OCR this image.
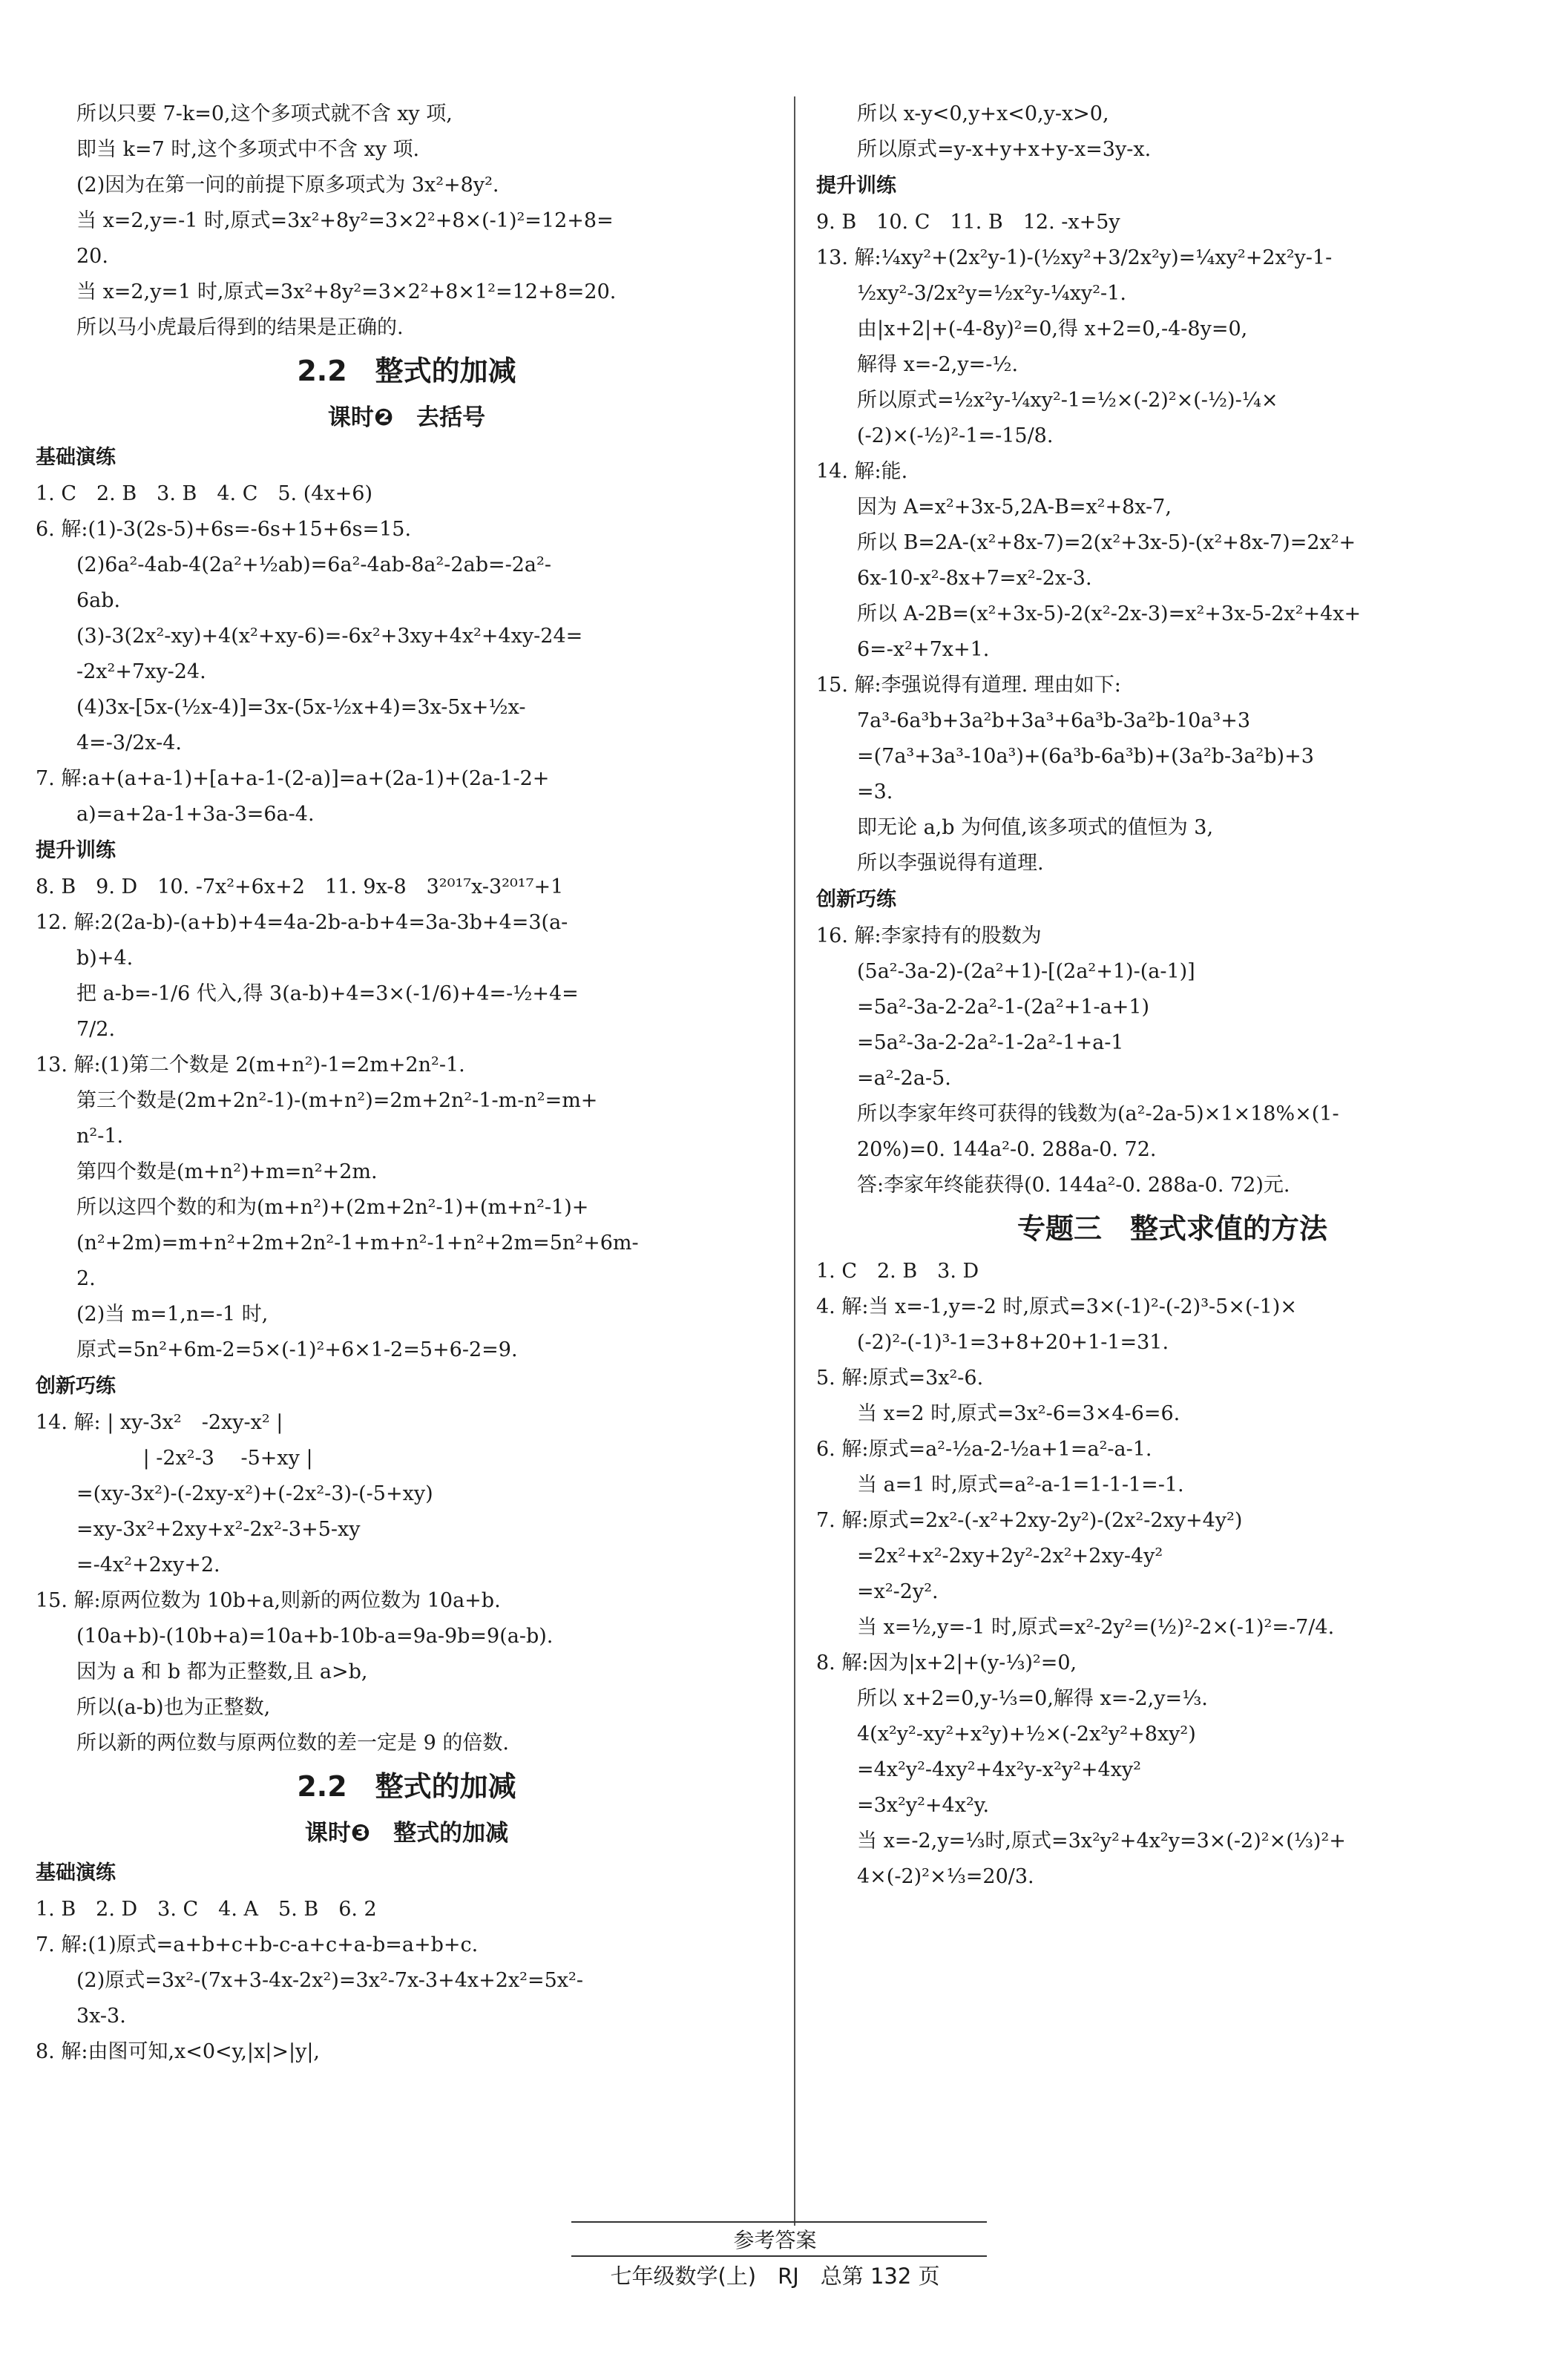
所以只要 7-k=0,这个多项式就不含 xy 项,
即当 k=7 时,这个多项式中不含 xy 项.
(2)因为在第一问的前提下原多项式为 3x²+8y².
当 x=2,y=-1 时,原式=3x²+8y²=3×2²+8×(-1)²=12+8=
20.
当 x=2,y=1 时,原式=3x²+8y²=3×2²+8×1²=12+8=20.
所以马小虎最后得到的结果是正确的.
2.2　整式的加减
课时❷　去括号
基础演练
1. C　2. B　3. B　4. C　5. (4x+6)
6. 解:(1)-3(2s-5)+6s=-6s+15+6s=15.
(2)6a²-4ab-4(2a²+½ab)=6a²-4ab-8a²-2ab=-2a²-
6ab.
(3)-3(2x²-xy)+4(x²+xy-6)=-6x²+3xy+4x²+4xy-24=
-2x²+7xy-24.
(4)3x-[5x-(½x-4)]=3x-(5x-½x+4)=3x-5x+½x-
4=-3/2x-4.
7. 解:a+(a+a-1)+[a+a-1-(2-a)]=a+(2a-1)+(2a-1-2+
a)=a+2a-1+3a-3=6a-4.
提升训练
8. B　9. D　10. -7x²+6x+2　11. 9x-8　3²⁰¹⁷x-3²⁰¹⁷+1
12. 解:2(2a-b)-(a+b)+4=4a-2b-a-b+4=3a-3b+4=3(a-
b)+4.
把 a-b=-1/6 代入,得 3(a-b)+4=3×(-1/6)+4=-½+4=
7/2.
13. 解:(1)第二个数是 2(m+n²)-1=2m+2n²-1.
第三个数是(2m+2n²-1)-(m+n²)=2m+2n²-1-m-n²=m+
n²-1.
第四个数是(m+n²)+m=n²+2m.
所以这四个数的和为(m+n²)+(2m+2n²-1)+(m+n²-1)+
(n²+2m)=m+n²+2m+2n²-1+m+n²-1+n²+2m=5n²+6m-
2.
(2)当 m=1,n=-1 时,
原式=5n²+6m-2=5×(-1)²+6×1-2=5+6-2=9.
创新巧练
14. 解: | xy-3x²　-2xy-x² |
　　　 | -2x²-3　 -5+xy |
=(xy-3x²)-(-2xy-x²)+(-2x²-3)-(-5+xy)
=xy-3x²+2xy+x²-2x²-3+5-xy
=-4x²+2xy+2.
15. 解:原两位数为 10b+a,则新的两位数为 10a+b.
(10a+b)-(10b+a)=10a+b-10b-a=9a-9b=9(a-b).
因为 a 和 b 都为正整数,且 a>b,
所以(a-b)也为正整数,
所以新的两位数与原两位数的差一定是 9 的倍数.
2.2　整式的加减
课时❸　整式的加减
基础演练
1. B　2. D　3. C　4. A　5. B　6. 2
7. 解:(1)原式=a+b+c+b-c-a+c+a-b=a+b+c.
(2)原式=3x²-(7x+3-4x-2x²)=3x²-7x-3+4x+2x²=5x²-
3x-3.
8. 解:由图可知,x<0<y,|x|>|y|,
所以 x-y<0,y+x<0,y-x>0,
所以原式=y-x+y+x+y-x=3y-x.
提升训练
9. B　10. C　11. B　12. -x+5y
13. 解:¼xy²+(2x²y-1)-(½xy²+3/2x²y)=¼xy²+2x²y-1-
½xy²-3/2x²y=½x²y-¼xy²-1.
由|x+2|+(-4-8y)²=0,得 x+2=0,-4-8y=0,
解得 x=-2,y=-½.
所以原式=½x²y-¼xy²-1=½×(-2)²×(-½)-¼×
(-2)×(-½)²-1=-15/8.
14. 解:能.
因为 A=x²+3x-5,2A-B=x²+8x-7,
所以 B=2A-(x²+8x-7)=2(x²+3x-5)-(x²+8x-7)=2x²+
6x-10-x²-8x+7=x²-2x-3.
所以 A-2B=(x²+3x-5)-2(x²-2x-3)=x²+3x-5-2x²+4x+
6=-x²+7x+1.
15. 解:李强说得有道理. 理由如下:
7a³-6a³b+3a²b+3a³+6a³b-3a²b-10a³+3
=(7a³+3a³-10a³)+(6a³b-6a³b)+(3a²b-3a²b)+3
=3.
即无论 a,b 为何值,该多项式的值恒为 3,
所以李强说得有道理.
创新巧练
16. 解:李家持有的股数为
(5a²-3a-2)-(2a²+1)-[(2a²+1)-(a-1)]
=5a²-3a-2-2a²-1-(2a²+1-a+1)
=5a²-3a-2-2a²-1-2a²-1+a-1
=a²-2a-5.
所以李家年终可获得的钱数为(a²-2a-5)×1×18%×(1-
20%)=0. 144a²-0. 288a-0. 72.
答:李家年终能获得(0. 144a²-0. 288a-0. 72)元.
专题三　整式求值的方法
1. C　2. B　3. D
4. 解:当 x=-1,y=-2 时,原式=3×(-1)²-(-2)³-5×(-1)×
(-2)²-(-1)³-1=3+8+20+1-1=31.
5. 解:原式=3x²-6.
当 x=2 时,原式=3x²-6=3×4-6=6.
6. 解:原式=a²-½a-2-½a+1=a²-a-1.
当 a=1 时,原式=a²-a-1=1-1-1=-1.
7. 解:原式=2x²-(-x²+2xy-2y²)-(2x²-2xy+4y²)
=2x²+x²-2xy+2y²-2x²+2xy-4y²
=x²-2y².
当 x=½,y=-1 时,原式=x²-2y²=(½)²-2×(-1)²=-7/4.
8. 解:因为|x+2|+(y-⅓)²=0,
所以 x+2=0,y-⅓=0,解得 x=-2,y=⅓.
4(x²y²-xy²+x²y)+½×(-2x²y²+8xy²)
=4x²y²-4xy²+4x²y-x²y²+4xy²
=3x²y²+4x²y.
当 x=-2,y=⅓时,原式=3x²y²+4x²y=3×(-2)²×(⅓)²+
4×(-2)²×⅓=20/3.
参考答案
七年级数学(上)　RJ　总第 132 页
